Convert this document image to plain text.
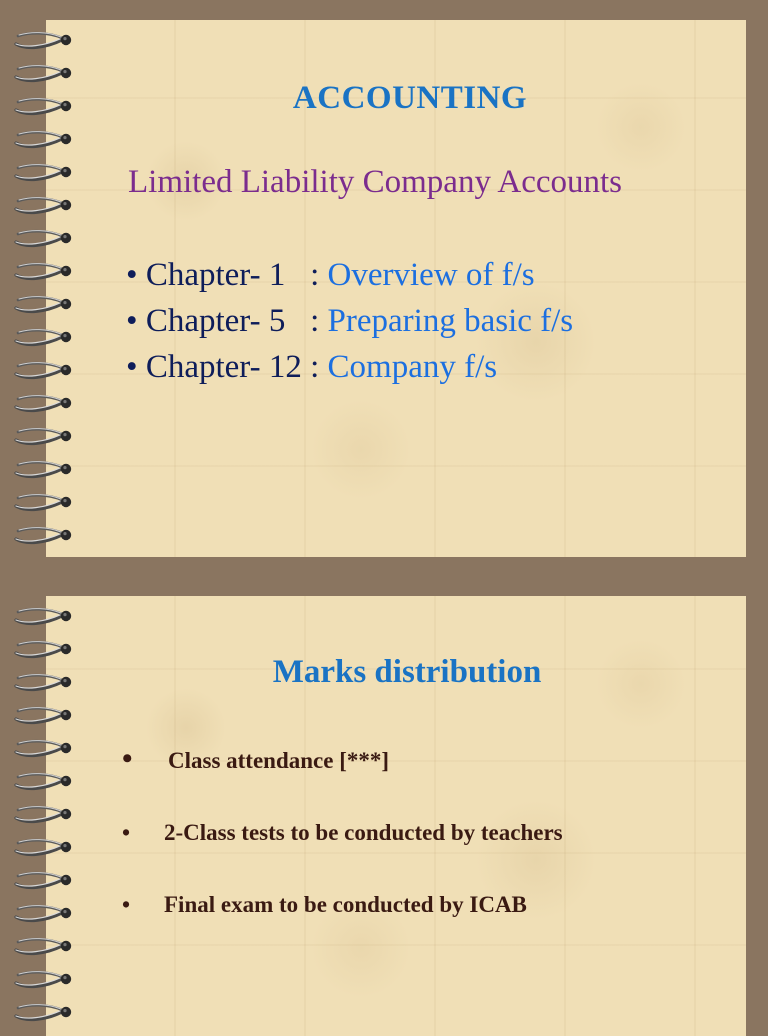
ACCOUNTING
Limited Liability Company Accounts
• Chapter- 1   : Overview of f/s
• Chapter- 5   : Preparing basic f/s
• Chapter- 12 : Company f/s
Marks distribution
• Class attendance [***]
• 2-Class tests to be conducted by teachers
• Final exam to be conducted by ICAB
